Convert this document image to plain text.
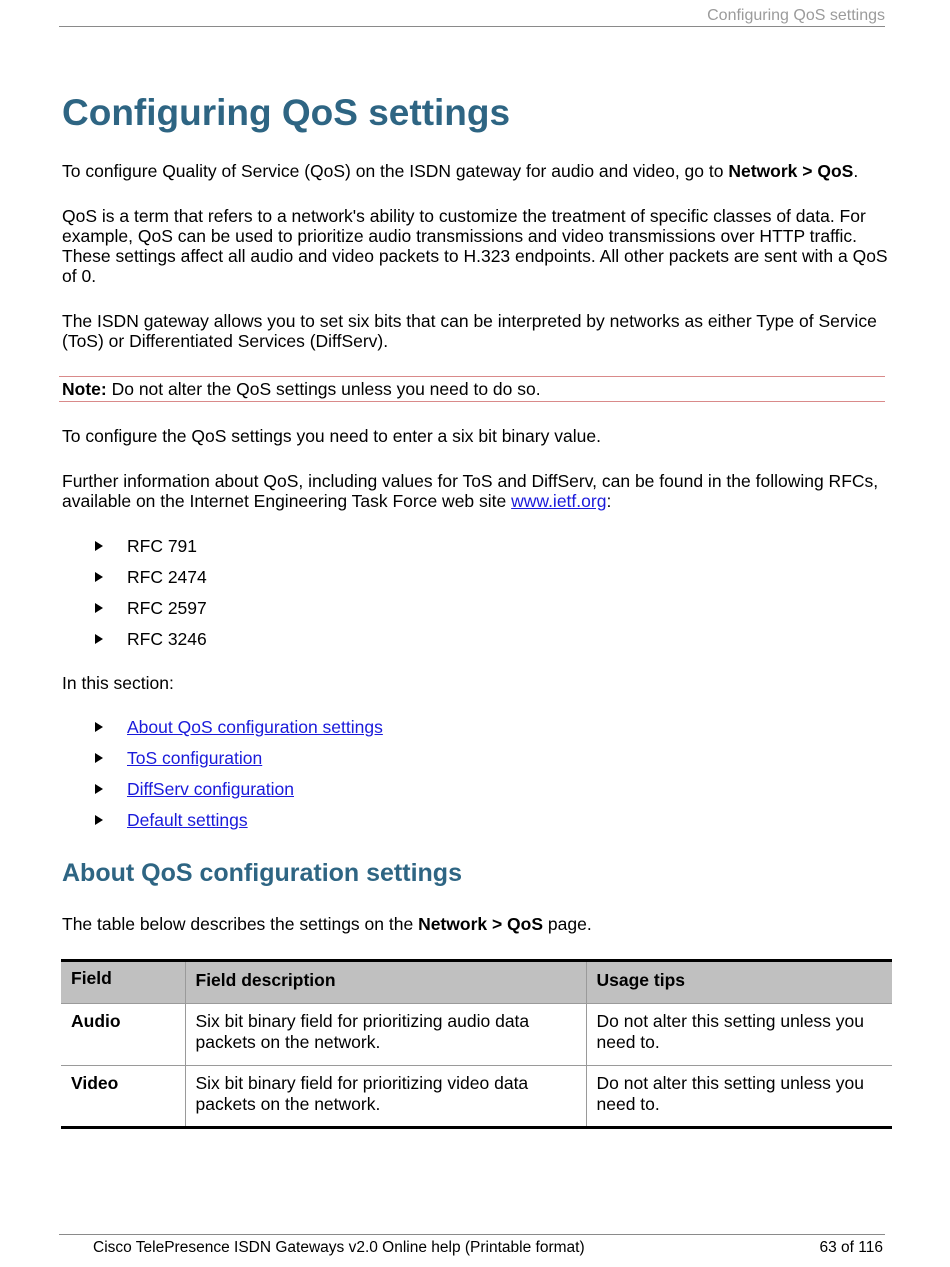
Configuring QoS settings
Configuring QoS settings

To configure Quality of Service (QoS) on the ISDN gateway for audio and video, go to Network > QoS.

QoS is a term that refers to a network's ability to customize the treatment of specific classes of data. For example, QoS can be used to prioritize audio transmissions and video transmissions over HTTP traffic. These settings affect all audio and video packets to H.323 endpoints. All other packets are sent with a QoS of 0.

The ISDN gateway allows you to set six bits that can be interpreted by networks as either Type of Service (ToS) or Differentiated Services (DiffServ).

Note: Do not alter the QoS settings unless you need to do so.

To configure the QoS settings you need to enter a six bit binary value.

Further information about QoS, including values for ToS and DiffServ, can be found in the following RFCs, available on the Internet Engineering Task Force web site www.ietf.org:

RFC 791
RFC 2474
RFC 2597
RFC 3246

In this section:

About QoS configuration settings
ToS configuration
DiffServ configuration
Default settings
About QoS configuration settings

The table below describes the settings on the Network > QoS page.

Field	Field description	Usage tips
Audio	Six bit binary field for prioritizing audio data packets on the network.	Do not alter this setting unless you need to.
Video	Six bit binary field for prioritizing video data packets on the network.	Do not alter this setting unless you need to.
Cisco TelePresence ISDN Gateways v2.0 Online help (Printable format)	63 of 116
